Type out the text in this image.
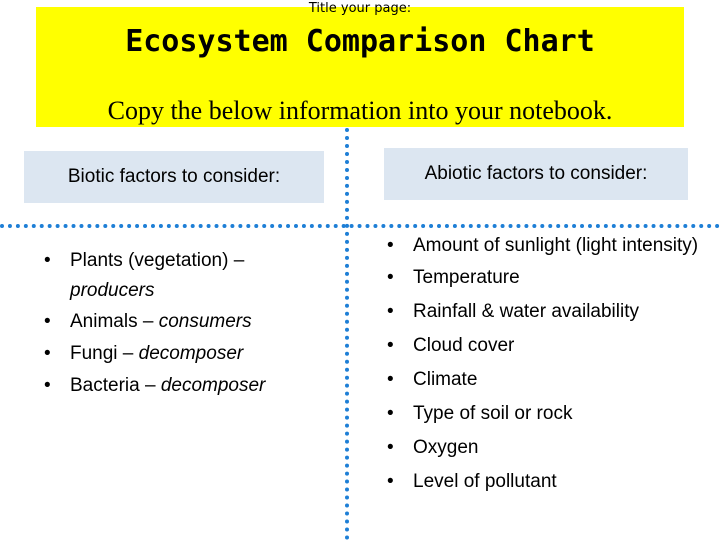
Title your page:
Ecosystem Comparison Chart
Copy the below information into your notebook.
Biotic factors to consider:	Abiotic factors to consider:
• Plants (vegetation) – producers
• Animals – consumers
• Fungi – decomposer
• Bacteria – decomposer
• Amount of sunlight (light intensity)
• Temperature
• Rainfall & water availability
• Cloud cover
• Climate
• Type of soil or rock
• Oxygen
• Level of pollutant
